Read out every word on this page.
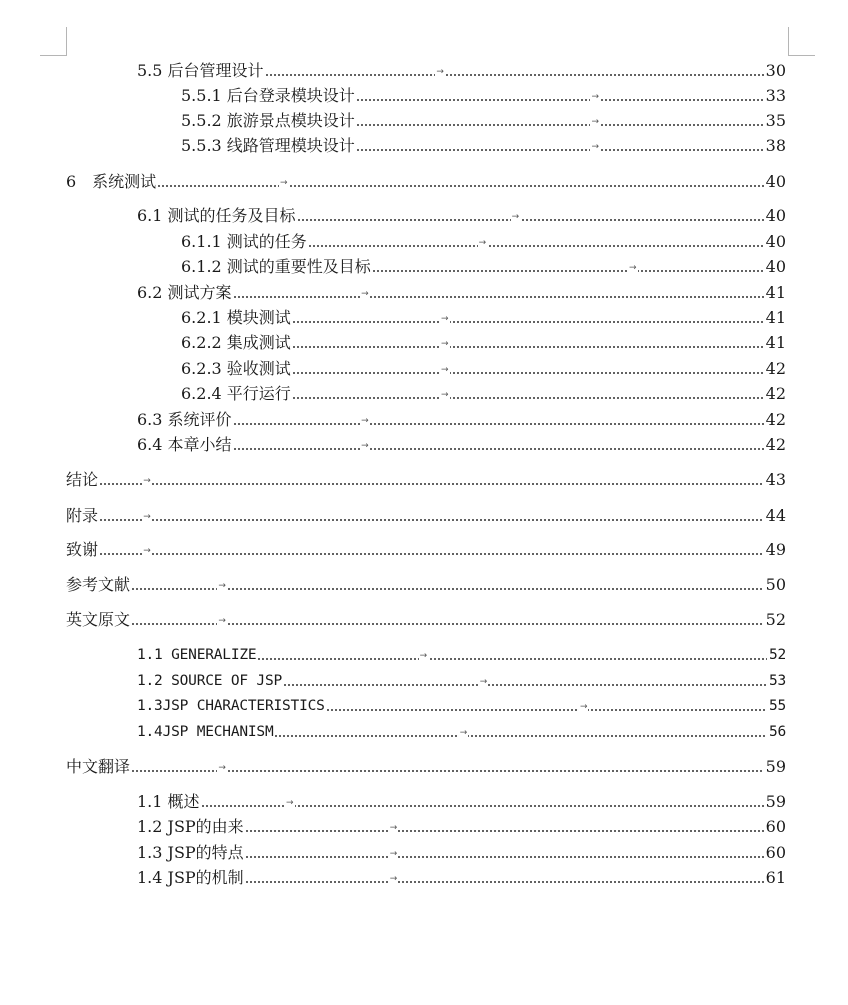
5.5 后台管理设计	→	30
5.5.1 后台登录模块设计	→	33
5.5.2 旅游景点模块设计	→	35
5.5.3 线路管理模块设计	→	38
6　系统测试	→	40
6.1 测试的任务及目标	→	40
6.1.1 测试的任务	→	40
6.1.2 测试的重要性及目标	→	40
6.2 测试方案	→	41
6.2.1 模块测试	→	41
6.2.2 集成测试	→	41
6.2.3 验收测试	→	42
6.2.4 平行运行	→	42
6.3 系统评价	→	42
6.4 本章小结	→	42
结论	→	43
附录	→	44
致谢	→	49
参考文献	→	50
英文原文	→	52
1.1 GENERALIZE	→	52
1.2 SOURCE OF JSP	→	53
1.3JSP CHARACTERISTICS	→	55
1.4JSP MECHANISM	→	56
中文翻译	→	59
1.1 概述	→	59
1.2 JSP的由来	→	60
1.3 JSP的特点	→	60
1.4 JSP的机制	→	61
